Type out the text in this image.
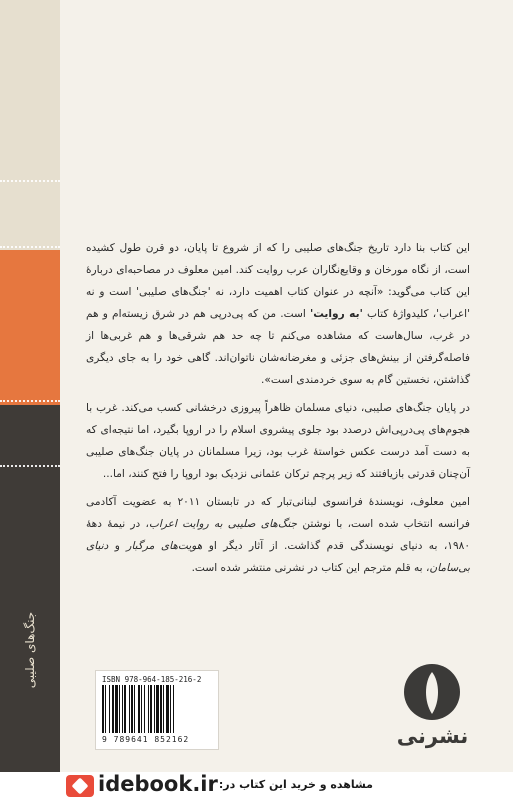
جنگ‌های صلیبی

این کتاب بنا دارد تاریخ جنگ‌های صلیبی را که از شروع تا پایان، دو قرن طول کشیده است، از نگاه مورخان و وقایع‌نگاران عرب روایت کند. امین معلوف در مصاحبه‌ای دربارهٔ این کتاب می‌گوید: «آنچه در عنوان کتاب اهمیت دارد، نه 'جنگ‌های صلیبی' است و نه 'اعراب'، کلیدواژهٔ کتاب 'به روایت' است. من که پی‌درپی هم در شرق زیسته‌ام و هم در غرب، سال‌هاست که مشاهده می‌کنم تا چه حد هم شرقی‌ها و هم غربی‌ها از فاصله‌گرفتن از بینش‌های جزئی و مغرضانه‌شان ناتوان‌اند. گاهی خود را به جای دیگری گذاشتن، نخستین گام به سوی خردمندی است».

در پایان جنگ‌های صلیبی، دنیای مسلمان ظاهراً پیروزی درخشانی کسب می‌کند. غرب با هجوم‌های پی‌درپی‌اش درصدد بود جلوی پیشروی اسلام را در اروپا بگیرد، اما نتیجه‌ای که به دست آمد درست عکس خواستهٔ غرب بود، زیرا مسلمانان در پایان جنگ‌های صلیبی آن‌چنان قدرتی بازیافتند که زیر پرچم ترکان عثمانی نزدیک بود اروپا را فتح کنند، اما...

امین معلوف، نویسندهٔ فرانسوی لبنانی‌تبار که در تابستان ۲۰۱۱ به عضویت آکادمی فرانسه انتخاب شده است، با نوشتن جنگ‌های صلیبی به روایت اعراب، در نیمهٔ دههٔ ۱۹۸۰، به دنیای نویسندگی قدم گذاشت. از آثار دیگر او هویت‌های مرگبار و دنیای بی‌سامان، به قلم مترجم این کتاب در نشرنی منتشر شده است.

ISBN 978-964-185-216-2
9 789641 852162	نشرنی
idebook.ir مشاهده و خرید این کتاب در:
